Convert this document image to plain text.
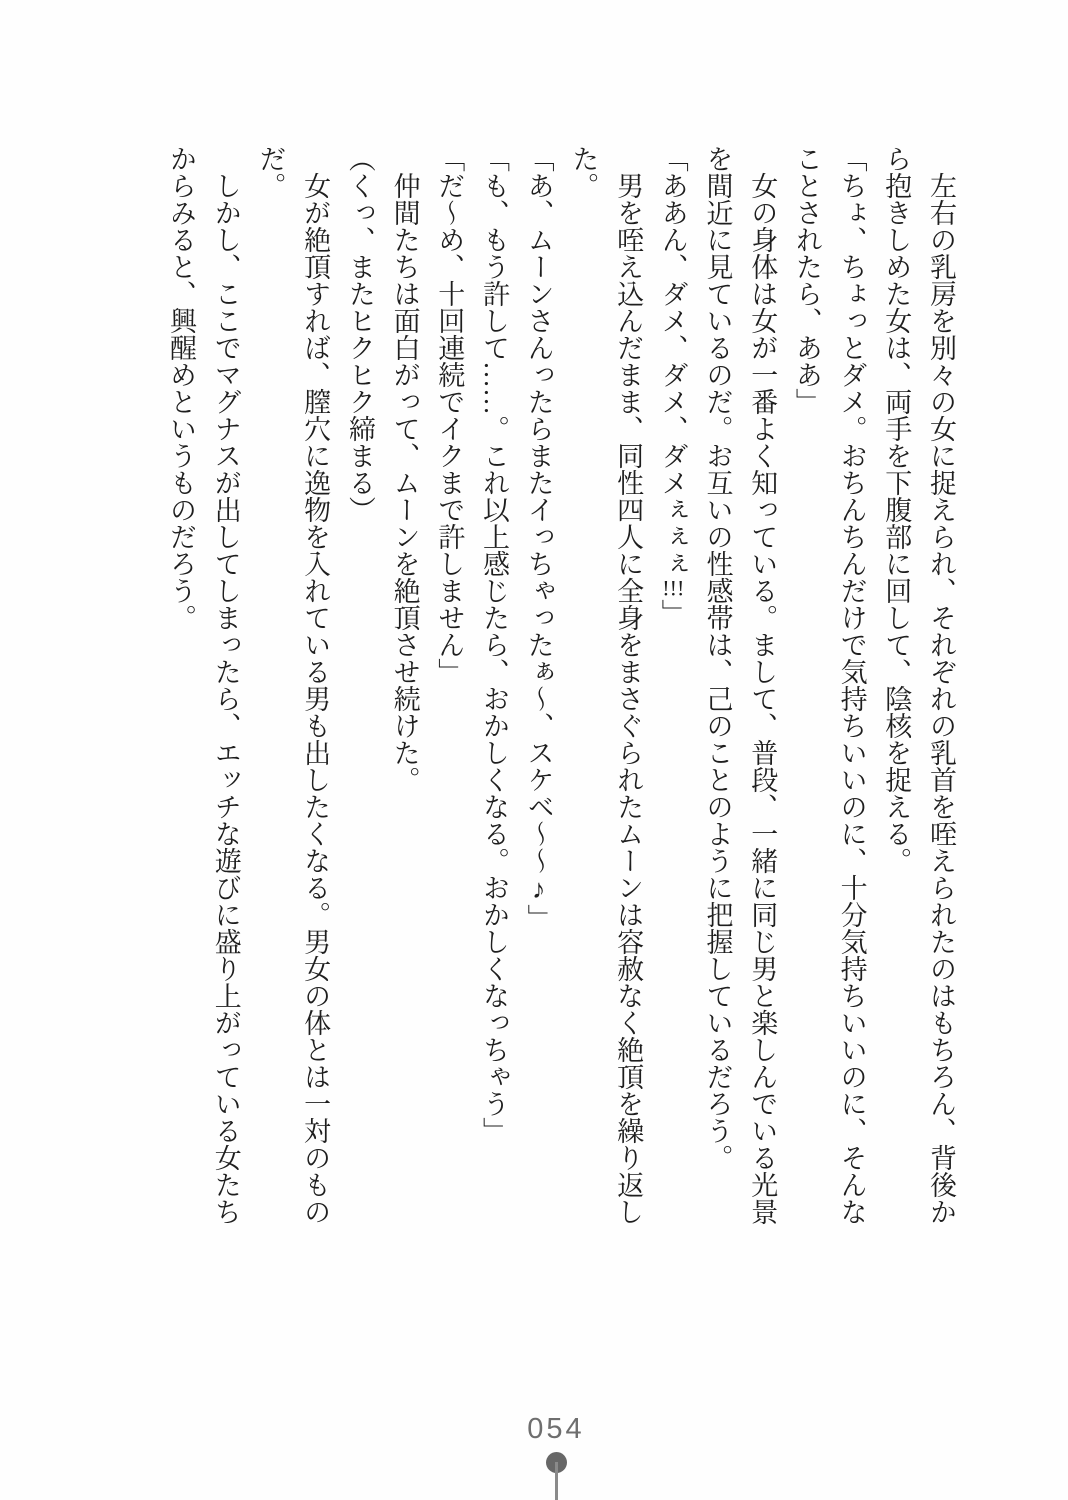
左右の乳房を別々の女に捉えられ、それぞれの乳首を咥えられたのはもちろん、背後から抱きしめた女は、両手を下腹部に回して、陰核を捉える。

「ちょ、ちょっとダメ。おちんちんだけで気持ちいいのに、十分気持ちいいのに、そんなことされたら、ああ」

女の身体は女が一番よく知っている。まして、普段、一緒に同じ男と楽しんでいる光景を間近に見ているのだ。お互いの性感帯は、己のことのように把握しているだろう。

「ああん、ダメ、ダメ、ダメぇぇぇ!!!」

男を咥え込んだまま、同性四人に全身をまさぐられたムーンは容赦なく絶頂を繰り返した。

「あ、ムーンさんったらまたイっちゃったぁ〜、スケベ〜〜♪」

「も、もう許して……。これ以上感じたら、おかしくなる。おかしくなっちゃう」

「だ〜め、十回連続でイクまで許しません」

仲間たちは面白がって、ムーンを絶頂させ続けた。

（くっ、またヒクヒク締まる）

女が絶頂すれば、膣穴に逸物を入れている男も出したくなる。男女の体とは一対のものだ。

しかし、ここでマグナスが出してしまったら、エッチな遊びに盛り上がっている女たちからみると、興醒めというものだろう。

054
